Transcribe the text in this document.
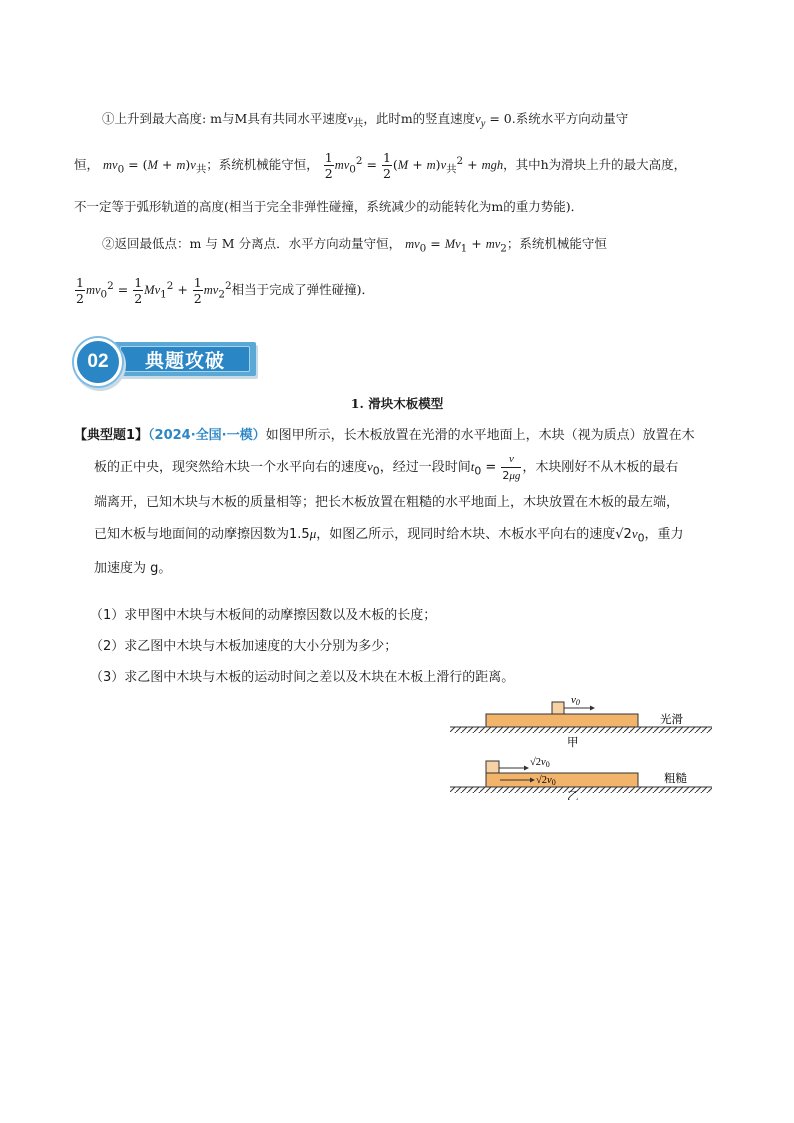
①上升到最大高度: m与M具有共同水平速度$v_共$，此时m的竖直速度$v_y = 0$.系统水平方向动量守
恒， $mv_0 = (M + m)v_共$；系统机械能守恒， $\frac{1}{2} mv_0^2 = \frac{1}{2} (M + m)v_共^2$ + mgh，其中h为滑块上升的最大高度，
不一定等于弧形轨道的高度(相当于完全非弹性碰撞，系统减少的动能转化为m的重力势能)．
②返回最低点：m 与 M 分离点．水平方向动量守恒， $mv_0 = Mv_1 + mv_2$；系统机械能守恒
$\frac{1}{2} mv_0^2 = \frac{1}{2} Mv_1^2 + \frac{1}{2} mv_2^2$相当于完成了弹性碰撞)．
02	典题攻破
1. 滑块木板模型
【典型题1】（2024·全国·一模）如图甲所示，长木板放置在光滑的水平地面上，木块（视为质点）放置在木
板的正中央，现突然给木块一个水平向右的速度$v_0$，经过一段时间$t_0 = \frac{v}{2\mu g}$ ，木块刚好不从木板的最右
端离开，已知木块与木板的质量相等；把长木板放置在粗糙的水平地面上，木块放置在木板的最左端，
已知木板与地面间的动摩擦因数为1.5μ，如图乙所示，现同时给木块、木板水平向右的速度$√2v_0$，重力
加速度为 g。
（1）求甲图中木块与木板间的动摩擦因数以及木板的长度；
（2）求乙图中木块与木板加速度的大小分别为多少；
（3）求乙图中木块与木板的运动时间之差以及木块在木板上滑行的距离。
v0
光滑
甲
√2v0
√2v0	粗糙
乙
